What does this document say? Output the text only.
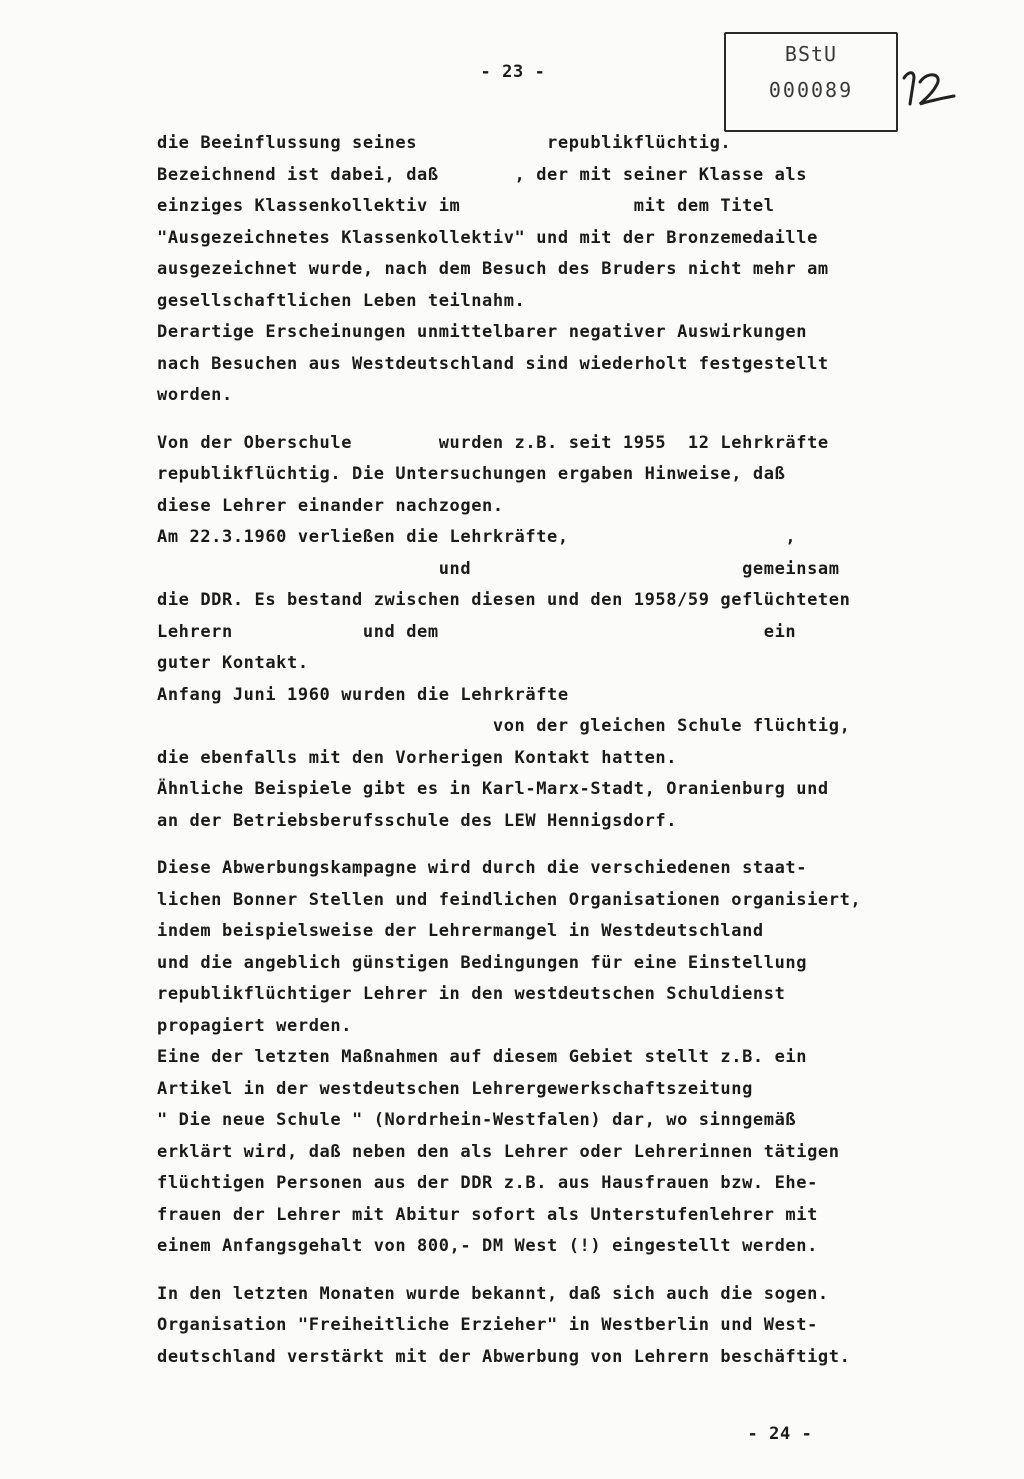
- 23 -
BStU
000089
die Beeinflussung seines            republikflüchtig.
Bezeichnend ist dabei, daß       , der mit seiner Klasse als
einziges Klassenkollektiv im                mit dem Titel
"Ausgezeichnetes Klassenkollektiv" und mit der Bronzemedaille
ausgezeichnet wurde, nach dem Besuch des Bruders nicht mehr am
gesellschaftlichen Leben teilnahm.
Derartige Erscheinungen unmittelbarer negativer Auswirkungen
nach Besuchen aus Westdeutschland sind wiederholt festgestellt
worden.
Von der Oberschule        wurden z.B. seit 1955  12 Lehrkräfte
republikflüchtig. Die Untersuchungen ergaben Hinweise, daß
diese Lehrer einander nachzogen.
Am 22.3.1960 verließen die Lehrkräfte,                    ,
und                         gemeinsam
die DDR. Es bestand zwischen diesen und den 1958/59 geflüchteten
Lehrern            und dem                              ein
guter Kontakt.
Anfang Juni 1960 wurden die Lehrkräfte
von der gleichen Schule flüchtig,
die ebenfalls mit den Vorherigen Kontakt hatten.
Ähnliche Beispiele gibt es in Karl-Marx-Stadt, Oranienburg und
an der Betriebsberufsschule des LEW Hennigsdorf.
Diese Abwerbungskampagne wird durch die verschiedenen staat-
lichen Bonner Stellen und feindlichen Organisationen organisiert,
indem beispielsweise der Lehrermangel in Westdeutschland
und die angeblich günstigen Bedingungen für eine Einstellung
republikflüchtiger Lehrer in den westdeutschen Schuldienst
propagiert werden.
Eine der letzten Maßnahmen auf diesem Gebiet stellt z.B. ein
Artikel in der westdeutschen Lehrergewerkschaftszeitung
" Die neue Schule " (Nordrhein-Westfalen) dar, wo sinngemäß
erklärt wird, daß neben den als Lehrer oder Lehrerinnen tätigen
flüchtigen Personen aus der DDR z.B. aus Hausfrauen bzw. Ehe-
frauen der Lehrer mit Abitur sofort als Unterstufenlehrer mit
einem Anfangsgehalt von 800,- DM West (!) eingestellt werden.
In den letzten Monaten wurde bekannt, daß sich auch die sogen.
Organisation "Freiheitliche Erzieher" in Westberlin und West-
deutschland verstärkt mit der Abwerbung von Lehrern beschäftigt.
- 24 -
